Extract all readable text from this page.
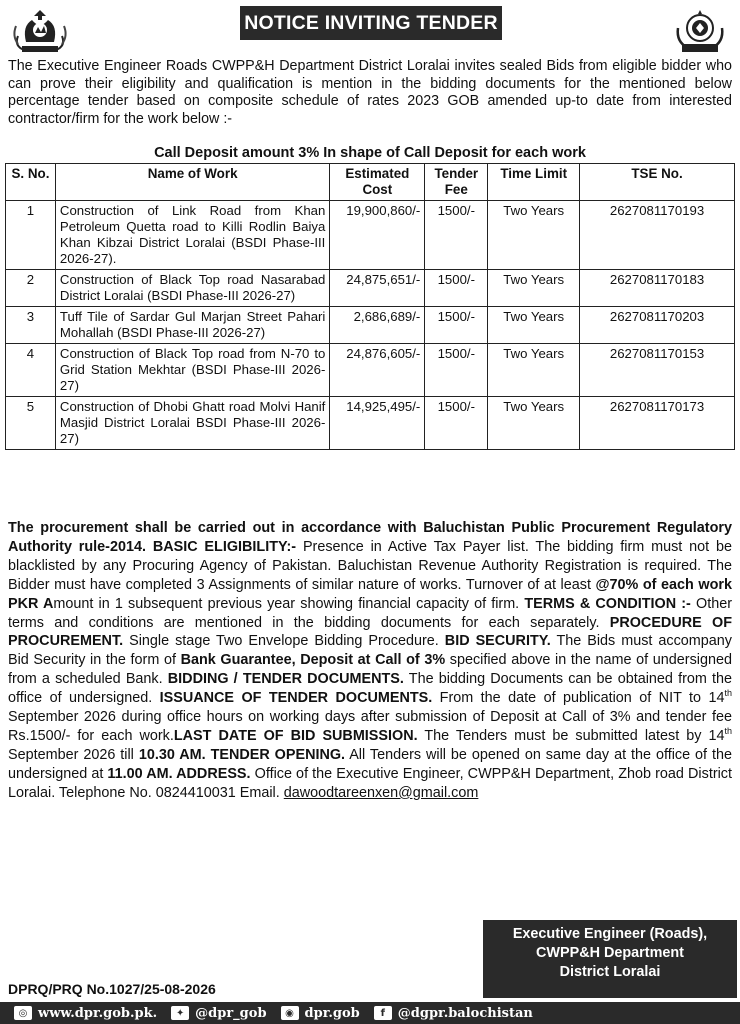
NOTICE INVITING TENDER
The Executive Engineer Roads CWPP&H Department District Loralai invites sealed Bids from eligible bidder who can prove their eligibility and qualification is mention in the bidding documents for the mentioned below percentage tender based on composite schedule of rates 2023 GOB amended up-to date from interested contractor/firm for the work below :-
Call Deposit amount 3% In shape of Call Deposit for each work
S. No.	Name of Work	Estimated Cost	Tender Fee	Time Limit	TSE No.
1	Construction of Link Road from Khan Petroleum Quetta road to Killi Rodlin Baiya Khan Kibzai District Loralai (BSDI Phase-III 2026-27).	19,900,860/-	1500/-	Two Years	2627081170193
2	Construction of Black Top road Nasarabad District Loralai (BSDI Phase-III 2026-27)	24,875,651/-	1500/-	Two Years	2627081170183
3	Tuff Tile of Sardar Gul Marjan Street Pahari Mohallah (BSDI Phase-III 2026-27)	2,686,689/-	1500/-	Two Years	2627081170203
4	Construction of Black Top road from N-70 to Grid Station Mekhtar (BSDI Phase-III 2026-27)	24,876,605/-	1500/-	Two Years	2627081170153
5	Construction of Dhobi Ghatt road Molvi Hanif Masjid District Loralai BSDI Phase-III 2026-27)	14,925,495/-	1500/-	Two Years	2627081170173
The procurement shall be carried out in accordance with Baluchistan Public Procurement Regulatory Authority rule-2014. BASIC ELIGIBILITY:- Presence in Active Tax Payer list. The bidding firm must not be blacklisted by any Procuring Agency of Pakistan. Baluchistan Revenue Authority Registration is required. The Bidder must have completed 3 Assignments of similar nature of works. Turnover of at least @70% of each work PKR Amount in 1 subsequent previous year showing financial capacity of firm. TERMS & CONDITION :- Other terms and conditions are mentioned in the bidding documents for each separately. PROCEDURE OF PROCUREMENT. Single stage Two Envelope Bidding Procedure. BID SECURITY. The Bids must accompany Bid Security in the form of Bank Guarantee, Deposit at Call of 3% specified above in the name of undersigned from a scheduled Bank. BIDDING / TENDER DOCUMENTS. The bidding Documents can be obtained from the office of undersigned. ISSUANCE OF TENDER DOCUMENTS. From the date of publication of NIT to 14th September 2026 during office hours on working days after submission of Deposit at Call of 3% and tender fee Rs.1500/- for each work.LAST DATE OF BID SUBMISSION. The Tenders must be submitted latest by 14th September 2026 till 10.30 AM. TENDER OPENING. All Tenders will be opened on same day at the office of the undersigned at 11.00 AM. ADDRESS. Office of the Executive Engineer, CWPP&H Department, Zhob road District Loralai. Telephone No. 0824410031 Email. dawoodtareenxen@gmail.com
Executive Engineer (Roads),
CWPP&H Department
District Loralai
DPRQ/PRQ No.1027/25-08-2026
◎ www.dpr.gob.pk.	✦ @dpr_gob	◉ dpr.gob	f @dgpr.balochistan
